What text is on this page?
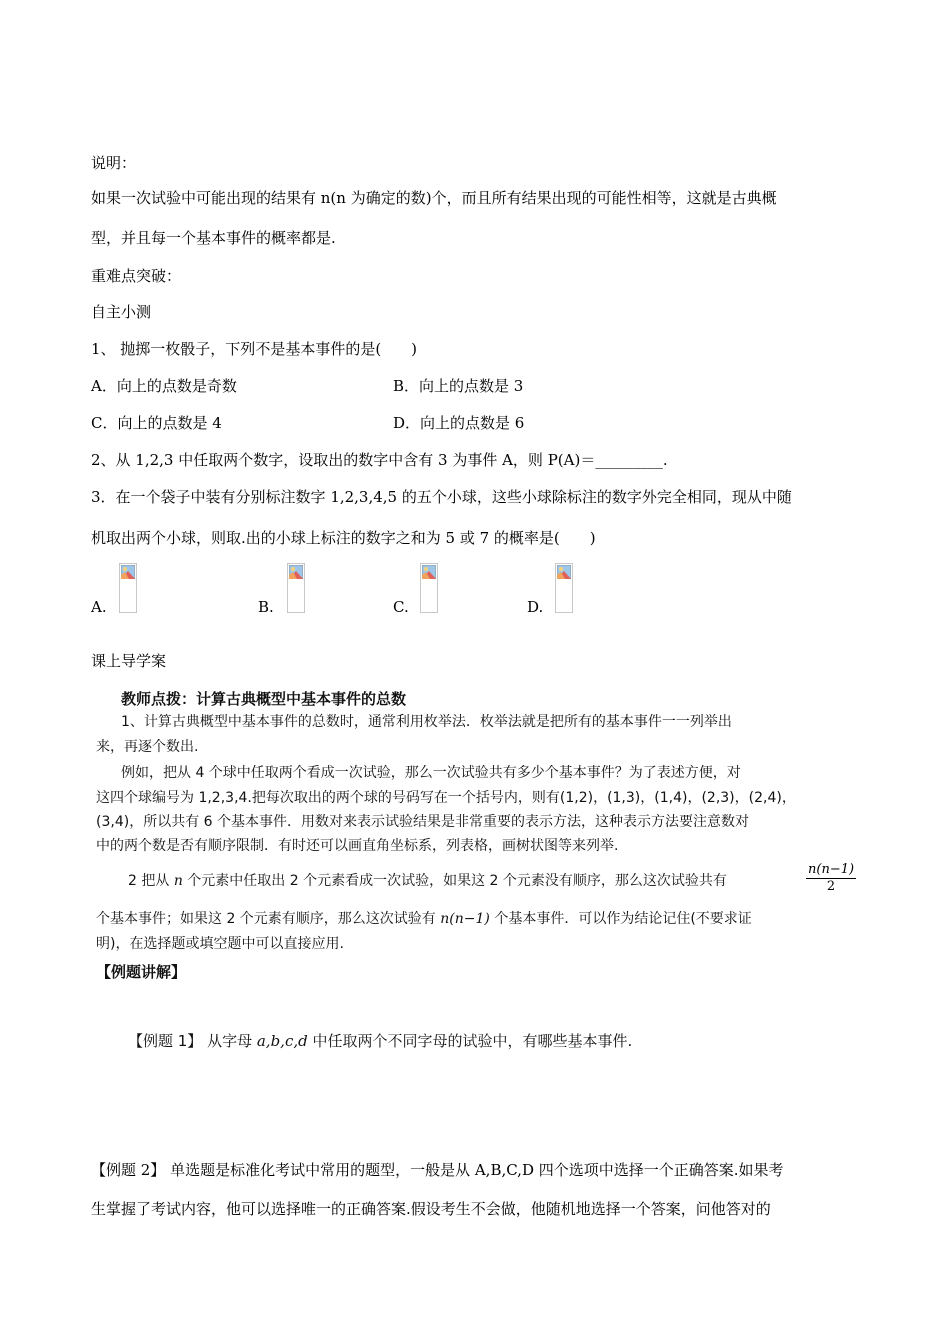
说明：
如果一次试验中可能出现的结果有 n(n 为确定的数)个，而且所有结果出现的可能性相等，这就是古典概
型，并且每一个基本事件的概率都是.
重难点突破：
自主小测
1、 抛掷一枚骰子，下列不是基本事件的是(　　)
A．向上的点数是奇数	B．向上的点数是 3
C．向上的点数是 4	D．向上的点数是 6
2、从 1,2,3 中任取两个数字，设取出的数字中含有 3 为事件 A，则 P(A)＝_________.
3．在一个袋子中装有分别标注数字 1,2,3,4,5 的五个小球，这些小球除标注的数字外完全相同，现从中随
机取出两个小球，则取.出的小球上标注的数字之和为 5 或 7 的概率是(　　)
A.	B.	C.	D.
课上导学案
教师点拨：计算古典概型中基本事件的总数
1、计算古典概型中基本事件的总数时，通常利用枚举法．枚举法就是把所有的基本事件一一列举出
来，再逐个数出.
例如，把从 4 个球中任取两个看成一次试验，那么一次试验共有多少个基本事件？为了表述方便，对
这四个球编号为 1,2,3,4.把每次取出的两个球的号码写在一个括号内，则有(1,2)，(1,3)，(1,4)，(2,3)，(2,4)，
(3,4)，所以共有 6 个基本事件．用数对来表示试验结果是非常重要的表示方法，这种表示方法要注意数对
中的两个数是否有顺序限制．有时还可以画直角坐标系，列表格，画树状图等来列举.
2 把从 n 个元素中任取出 2 个元素看成一次试验，如果这 2 个元素没有顺序，那么这次试验共有	$\frac{n(n-1)}{2}$
个基本事件；如果这 2 个元素有顺序，那么这次试验有 n(n−1) 个基本事件．可以作为结论记住(不要求证
明)，在选择题或填空题中可以直接应用.
【例题讲解】
【例题 1】 从字母 a,b,c,d 中任取两个不同字母的试验中，有哪些基本事件.
【例题 2】 单选题是标准化考试中常用的题型，一般是从 A,B,C,D 四个选项中选择一个正确答案.如果考
生掌握了考试内容，他可以选择唯一的正确答案.假设考生不会做，他随机地选择一个答案，问他答对的
